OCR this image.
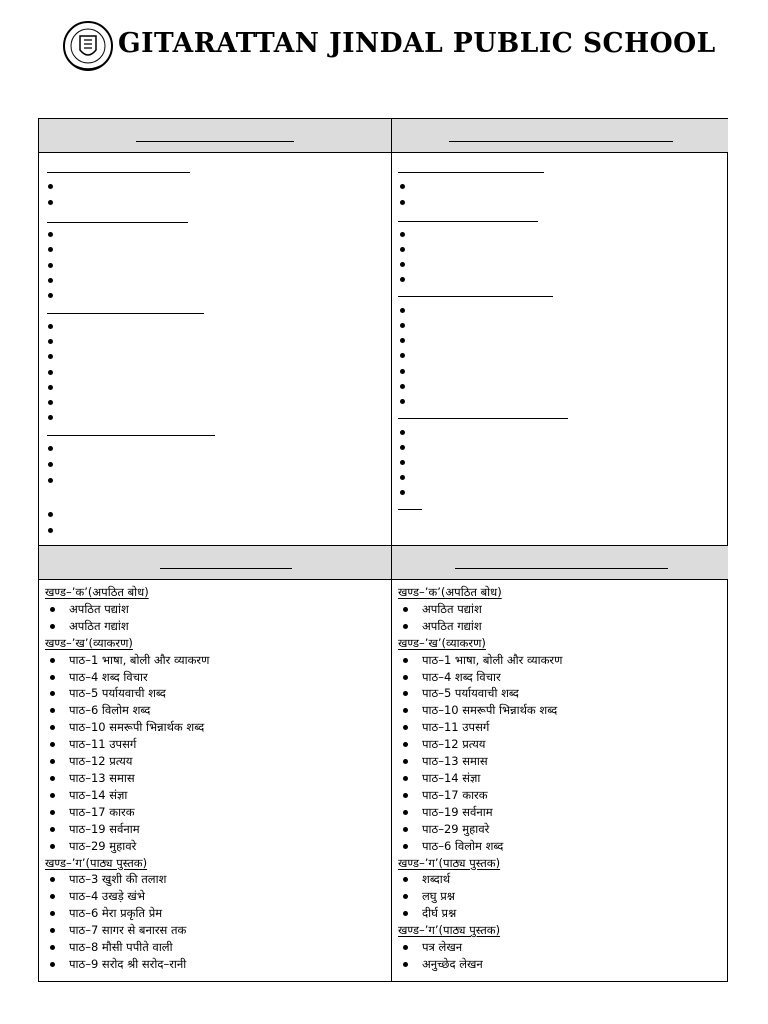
GITARATTAN JINDAL PUBLIC SCHOOL
खण्ड–’क’(अपठित बोध)
अपठित पद्यांश
अपठित गद्यांश
खण्ड–’ख’(व्याकरण)
पाठ–1 भाषा, बोली और व्याकरण
पाठ–4 शब्द विचार
पाठ–5 पर्यायवाची शब्द
पाठ–6 विलोम शब्द
पाठ–10 समरूपी भिन्नार्थक शब्द
पाठ–11 उपसर्ग
पाठ–12 प्रत्यय
पाठ–13 समास
पाठ–14 संज्ञा
पाठ–17 कारक
पाठ–19 सर्वनाम
पाठ–29 मुहावरे
खण्ड–’ग’(पाठ्य पुस्तक)
पाठ–3 खुशी की तलाश
पाठ–4 उखड़े खंभे
पाठ–6 मेरा प्रकृति प्रेम
पाठ–7 सागर से बनारस तक
पाठ–8 मौसी पपीते वाली
पाठ–9 सरोद श्री सरोद–रानी
खण्ड–’क’(अपठित बोध)
अपठित पद्यांश
अपठित गद्यांश
खण्ड–’ख’(व्याकरण)
पाठ–1 भाषा, बोली और व्याकरण
पाठ–4 शब्द विचार
पाठ–5 पर्यायवाची शब्द
पाठ–10 समरूपी भिन्नार्थक शब्द
पाठ–11 उपसर्ग
पाठ–12 प्रत्यय
पाठ–13 समास
पाठ–14 संज्ञा
पाठ–17 कारक
पाठ–19 सर्वनाम
पाठ–29 मुहावरे
पाठ–6 विलोम शब्द
खण्ड–’ग’(पाठ्य पुस्तक)
शब्दार्थ
लघु प्रश्न
दीर्घ प्रश्न
खण्ड–’ग’(पाठ्य पुस्तक)
पत्र लेखन
अनुच्छेद लेखन
